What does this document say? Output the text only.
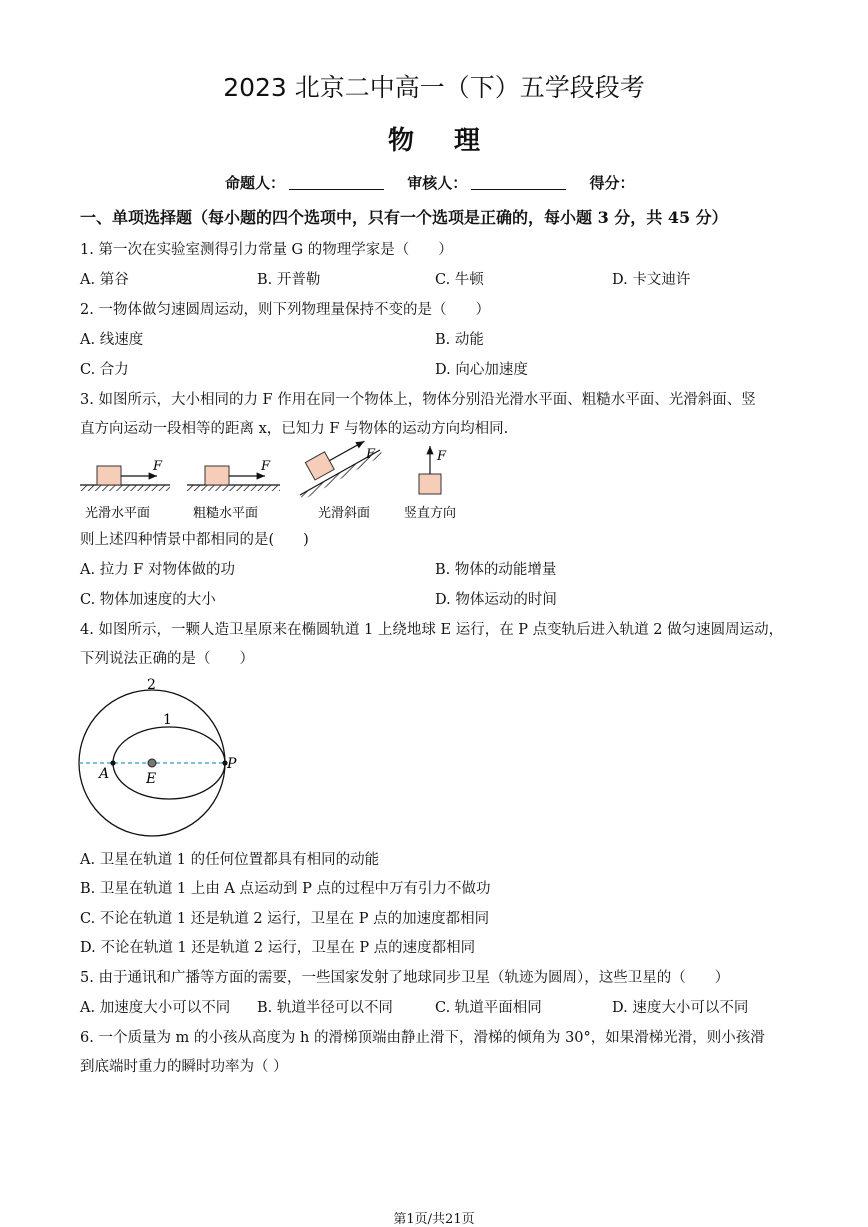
2023 北京二中高一（下）五学段段考
物理
命题人：	审核人：	得分：
一、单项选择题（每小题的四个选项中，只有一个选项是正确的，每小题 3 分，共 45 分）
1. 第一次在实验室测得引力常量 G 的物理学家是（　　）
A. 第谷	B. 开普勒	C. 牛顿	D. 卡文迪许
2. 一物体做匀速圆周运动，则下列物理量保持不变的是（　　）
A. 线速度	B. 动能
C. 合力	D. 向心加速度
3. 如图所示，大小相同的力 F 作用在同一个物体上，物体分别沿光滑水平面、粗糙水平面、光滑斜面、竖
直方向运动一段相等的距离 x，已知力 F 与物体的运动方向均相同.
F	F
F	F
光滑水平面	粗糙水平面	光滑斜面	竖直方向
则上述四种情景中都相同的是(　　)
A. 拉力 F 对物体做的功	B. 物体的动能增量
C. 物体加速度的大小	D. 物体运动的时间
4. 如图所示，一颗人造卫星原来在椭圆轨道 1 上绕地球 E 运行，在 P 点变轨后进入轨道 2 做匀速圆周运动，
下列说法正确的是（　　）
2
1
A	E
P
A. 卫星在轨道 1 的任何位置都具有相同的动能
B. 卫星在轨道 1 上由 A 点运动到 P 点的过程中万有引力不做功
C. 不论在轨道 1 还是轨道 2 运行，卫星在 P 点的加速度都相同
D. 不论在轨道 1 还是轨道 2 运行，卫星在 P 点的速度都相同
5. 由于通讯和广播等方面的需要，一些国家发射了地球同步卫星（轨迹为圆周），这些卫星的（　　）
A. 加速度大小可以不同 B. 轨道半径可以不同	C. 轨道平面相同	D. 速度大小可以不同
6. 一个质量为 m 的小孩从高度为 h 的滑梯顶端由静止滑下，滑梯的倾角为 30°，如果滑梯光滑，则小孩滑
到底端时重力的瞬时功率为（ ）
第1页/共21页
